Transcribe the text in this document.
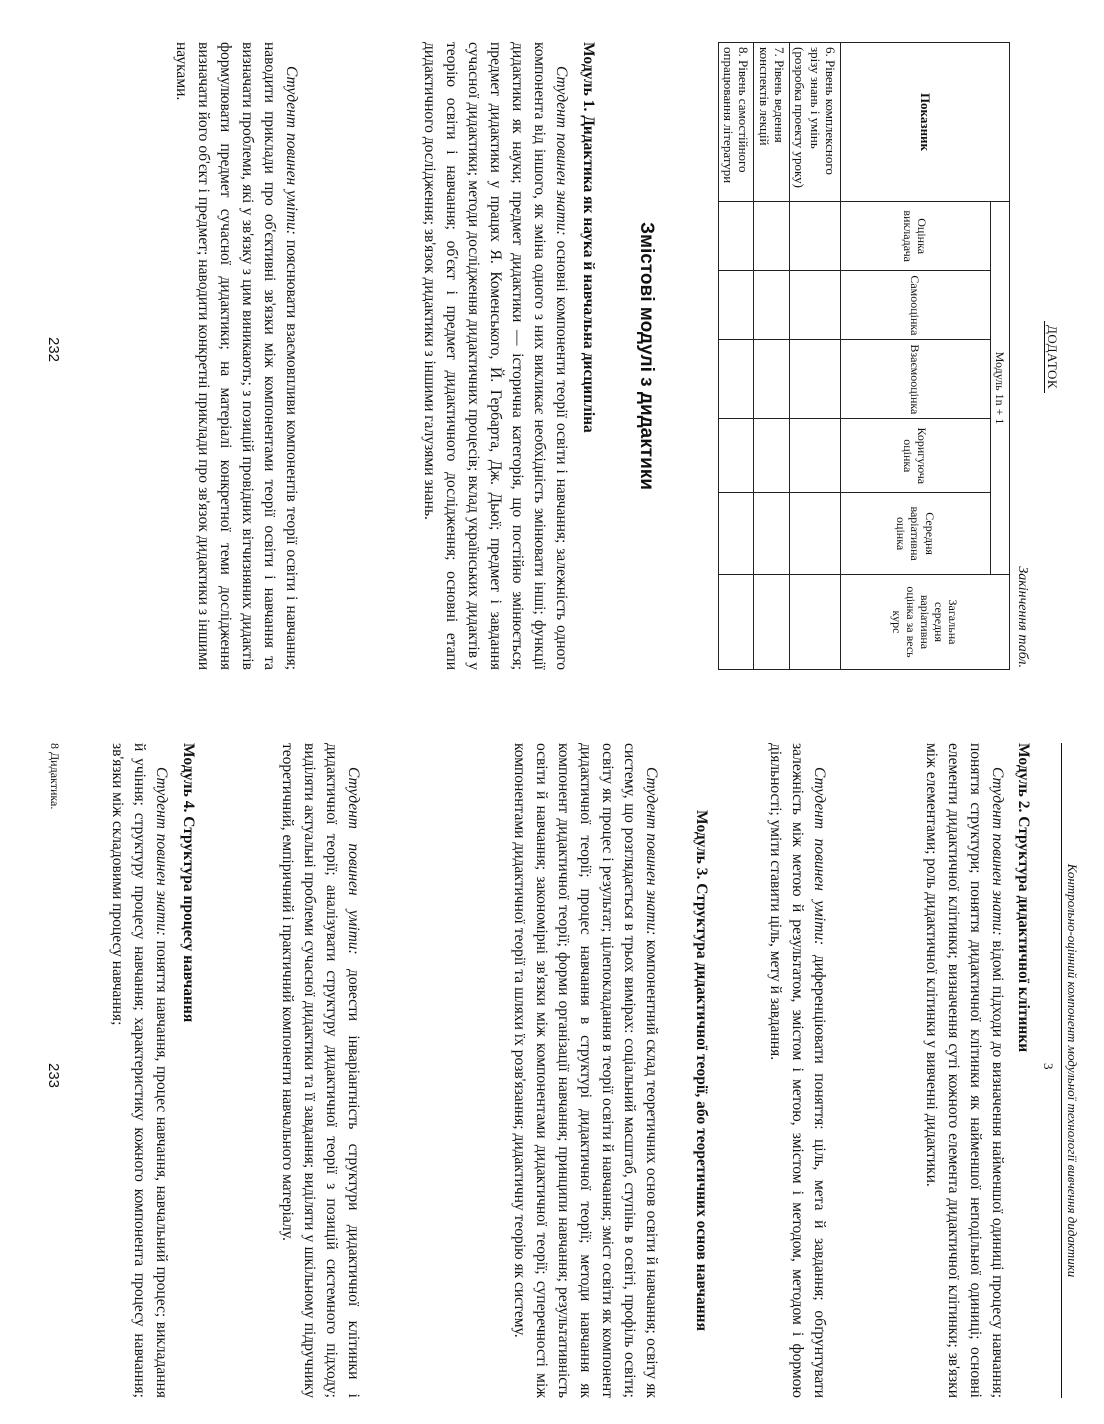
ДОДАТОК
Закінчення табл.
Показник	Модуль 1n + 1					Загальна середня варіативна оцінка за весь курс
	Оцінка викладача	Самооцінка	Взаємооцінка	Коригуюча оцінка	Середня варіативна оцінка	
6. Рівень комплексного зрізу знань і умінь (розробка проекту уроку)						
7. Рівень ведення конспектів лекцій						
8. Рівень самостійного опрацювання літератури						
Змістові модулі з дидактики
Модуль 1. Дидактика як наука й навчальна дисципліна
Студент повинен знати: основні компоненти теорії освіти і навчання; залежність одного компонента від іншого, як зміна одного з них викликає необхідність змінювати інші; функції дидактики як науки; предмет дидактики — історична категорія, що постійно змінюється; предмет дидактики у працях Я. Коменського, Й. Гербарта, Дж. Дьюї; предмет і завдання сучасної дидактики; методи дослідження дидактичних процесів; вклад українських дидактів у теорію освіти і навчання; об'єкт і предмет дидактичного дослідження; основні етапи дидактичного дослідження; зв'язок дидактики з іншими галузями знань.
Студент повинен уміти: пояснювати взаємовпливи компонентів теорії освіти і навчання; наводити приклади про об'єктивні зв'язки між компонентами теорії освіти і навчання та визначати проблеми, які у зв'язку з цим виникають; з позицій провідних вітчизняних дидактів формулювати предмет сучасної дидактики; на матеріалі конкретної теми дослідження визначати його об'єкт і предмет; наводити конкретні приклади про зв'язок дидактики з іншими науками.
232
Контрольно-оцінний компонент модульної технології вивчення дидактики
3
Модуль 2. Структура дидактичної клітинки
Студент повинен знати: відомі підходи до визначення найменшої одиниці процесу навчання; поняття структури; поняття дидактичної клітинки як найменшої неподільної одиниці; основні елементи дидактичної клітинки; визначення суті кожного елемента дидактичної клітинки; зв'язки між елементами; роль дидактичної клітинки у вивченні дидактики.
Студент повинен уміти: диференціювати поняття: ціль, мета й завдання; обґрунтувати залежність між метою й результатом, змістом і метою, змістом і методом, методом і формою діяльності; уміти ставити ціль, мету й завдання.
Модуль 3. Структура дидактичної теорії, або теоретичних основ навчання
Студент повинен знати: компонентний склад теоретичних основ освіти й навчання; освіту як систему, що розглядається в трьох вимірах: соціальний масштаб, ступінь в освіті, профіль освіти; освіту як процес і результат; цілепокладання в теорії освіти й навчання; зміст освіти як компонент дидактичної теорії; процес навчання в структурі дидактичної теорії; методи навчання як компонент дидактичної теорії; форми організації навчання; принципи навчання; результативність освіти й навчання; закономірні зв'язки між компонентами дидактичної теорії; суперечності між компонентами дидактичної теорії та шляхи їх розв'язання; дидактичну теорію як систему.
Студент повинен уміти: довести інваріантність структури дидактичної клітинки і дидактичної теорії; аналізувати структуру дидактичної теорії з позицій системного підходу; виділяти актуальні проблеми сучасної дидактики та її завдання; виділяти у шкільному підручнику теоретичний, емпіричний і практичний компоненти навчального матеріалу.
Модуль 4. Структура процесу навчання
Студент повинен знати: поняття навчання, процес навчання, навчальний процес; викладання й учіння; структуру процесу навчання; характеристику кожного компонента процесу навчання; зв'язки між складовими процесу навчання;
8 Дидактика.
233
